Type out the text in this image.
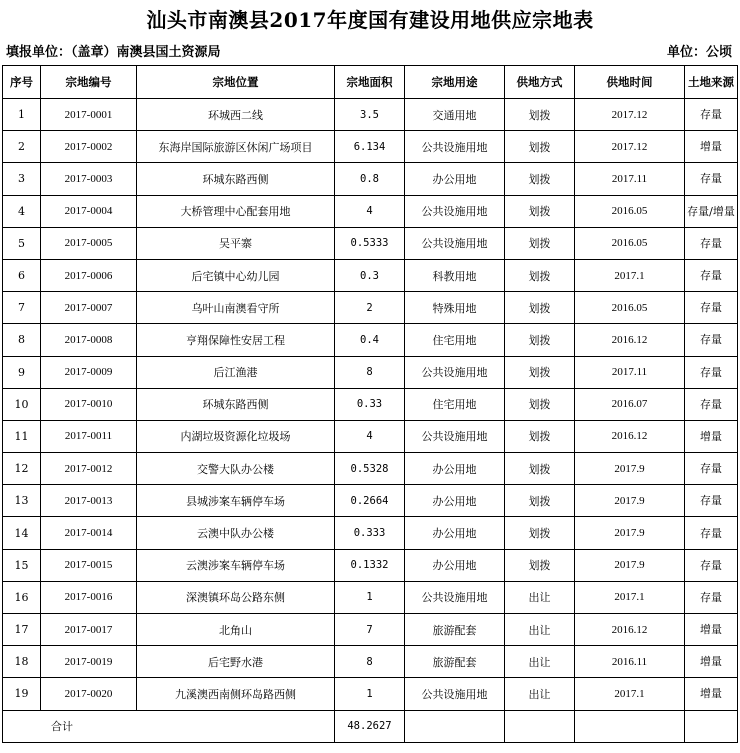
汕头市南澳县2017年度国有建设用地供应宗地表
填报单位：（盖章）南澳县国土资源局	单位：公顷
序号	宗地编号	宗地位置	宗地面积	宗地用途	供地方式	供地时间	土地来源
1	2017-0001	环城西二线	3.5	交通用地	划拨	2017.12	存量
2	2017-0002	东海岸国际旅游区休闲广场项目	6.134	公共设施用地	划拨	2017.12	增量
3	2017-0003	环城东路西侧	0.8	办公用地	划拨	2017.11	存量
4	2017-0004	大桥管理中心配套用地	4	公共设施用地	划拨	2016.05	存量/增量
5	2017-0005	吴平寨	0.5333	公共设施用地	划拨	2016.05	存量
6	2017-0006	后宅镇中心幼儿园	0.3	科教用地	划拨	2017.1	存量
7	2017-0007	乌叶山南澳看守所	2	特殊用地	划拨	2016.05	存量
8	2017-0008	亨翔保障性安居工程	0.4	住宅用地	划拨	2016.12	存量
9	2017-0009	后江渔港	8	公共设施用地	划拨	2017.11	存量
10	2017-0010	环城东路西侧	0.33	住宅用地	划拨	2016.07	存量
11	2017-0011	内湖垃圾资源化垃圾场	4	公共设施用地	划拨	2016.12	增量
12	2017-0012	交警大队办公楼	0.5328	办公用地	划拨	2017.9	存量
13	2017-0013	县城涉案车辆停车场	0.2664	办公用地	划拨	2017.9	存量
14	2017-0014	云澳中队办公楼	0.333	办公用地	划拨	2017.9	存量
15	2017-0015	云澳涉案车辆停车场	0.1332	办公用地	划拨	2017.9	存量
16	2017-0016	深澳镇环岛公路东侧	1	公共设施用地	出让	2017.1	存量
17	2017-0017	北角山	7	旅游配套	出让	2016.12	增量
18	2017-0019	后宅野水港	8	旅游配套	出让	2016.11	增量
19	2017-0020	九溪澳西南侧环岛路西侧	1	公共设施用地	出让	2017.1	增量
合计			48.2627				
